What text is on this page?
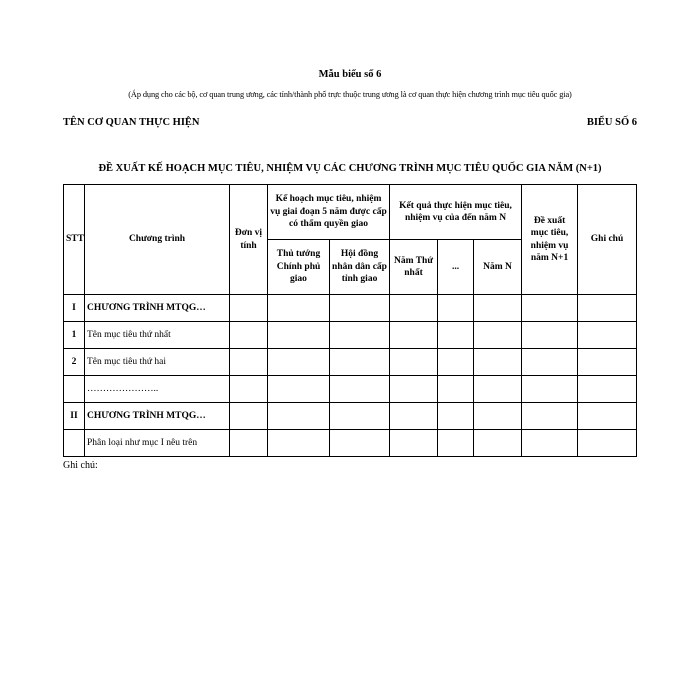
Mẫu biểu số 6
(Áp dụng cho các bộ, cơ quan trung ương, các tỉnh/thành phố trực thuộc trung ương là cơ quan thực hiện chương trình mục tiêu quốc gia)
TÊN CƠ QUAN THỰC HIỆN	BIỂU SỐ 6
ĐỀ XUẤT KẾ HOẠCH MỤC TIÊU, NHIỆM VỤ CÁC CHƯƠNG TRÌNH MỤC TIÊU QUỐC GIA NĂM (N+1)
STT	Chương trình	Đơn vị tính	Kế hoạch mục tiêu, nhiệm vụ giai đoạn 5 năm được cấp có thẩm quyền giao		Kết quả thực hiện mục tiêu, nhiệm vụ của đến năm N			Đề xuất mục tiêu, nhiệm vụ năm N+1	Ghi chú
			Thủ tướng Chính phủ giao	Hội đồng nhân dân cấp tỉnh giao	Năm Thứ nhất	...	Năm N		
I	CHƯƠNG TRÌNH MTQG…								
1	Tên mục tiêu thứ nhất								
2	Tên mục tiêu thứ hai								
	…………………..								
II	CHƯƠNG TRÌNH MTQG…								
	Phân loại như mục I nêu trên								
Ghi chú:
